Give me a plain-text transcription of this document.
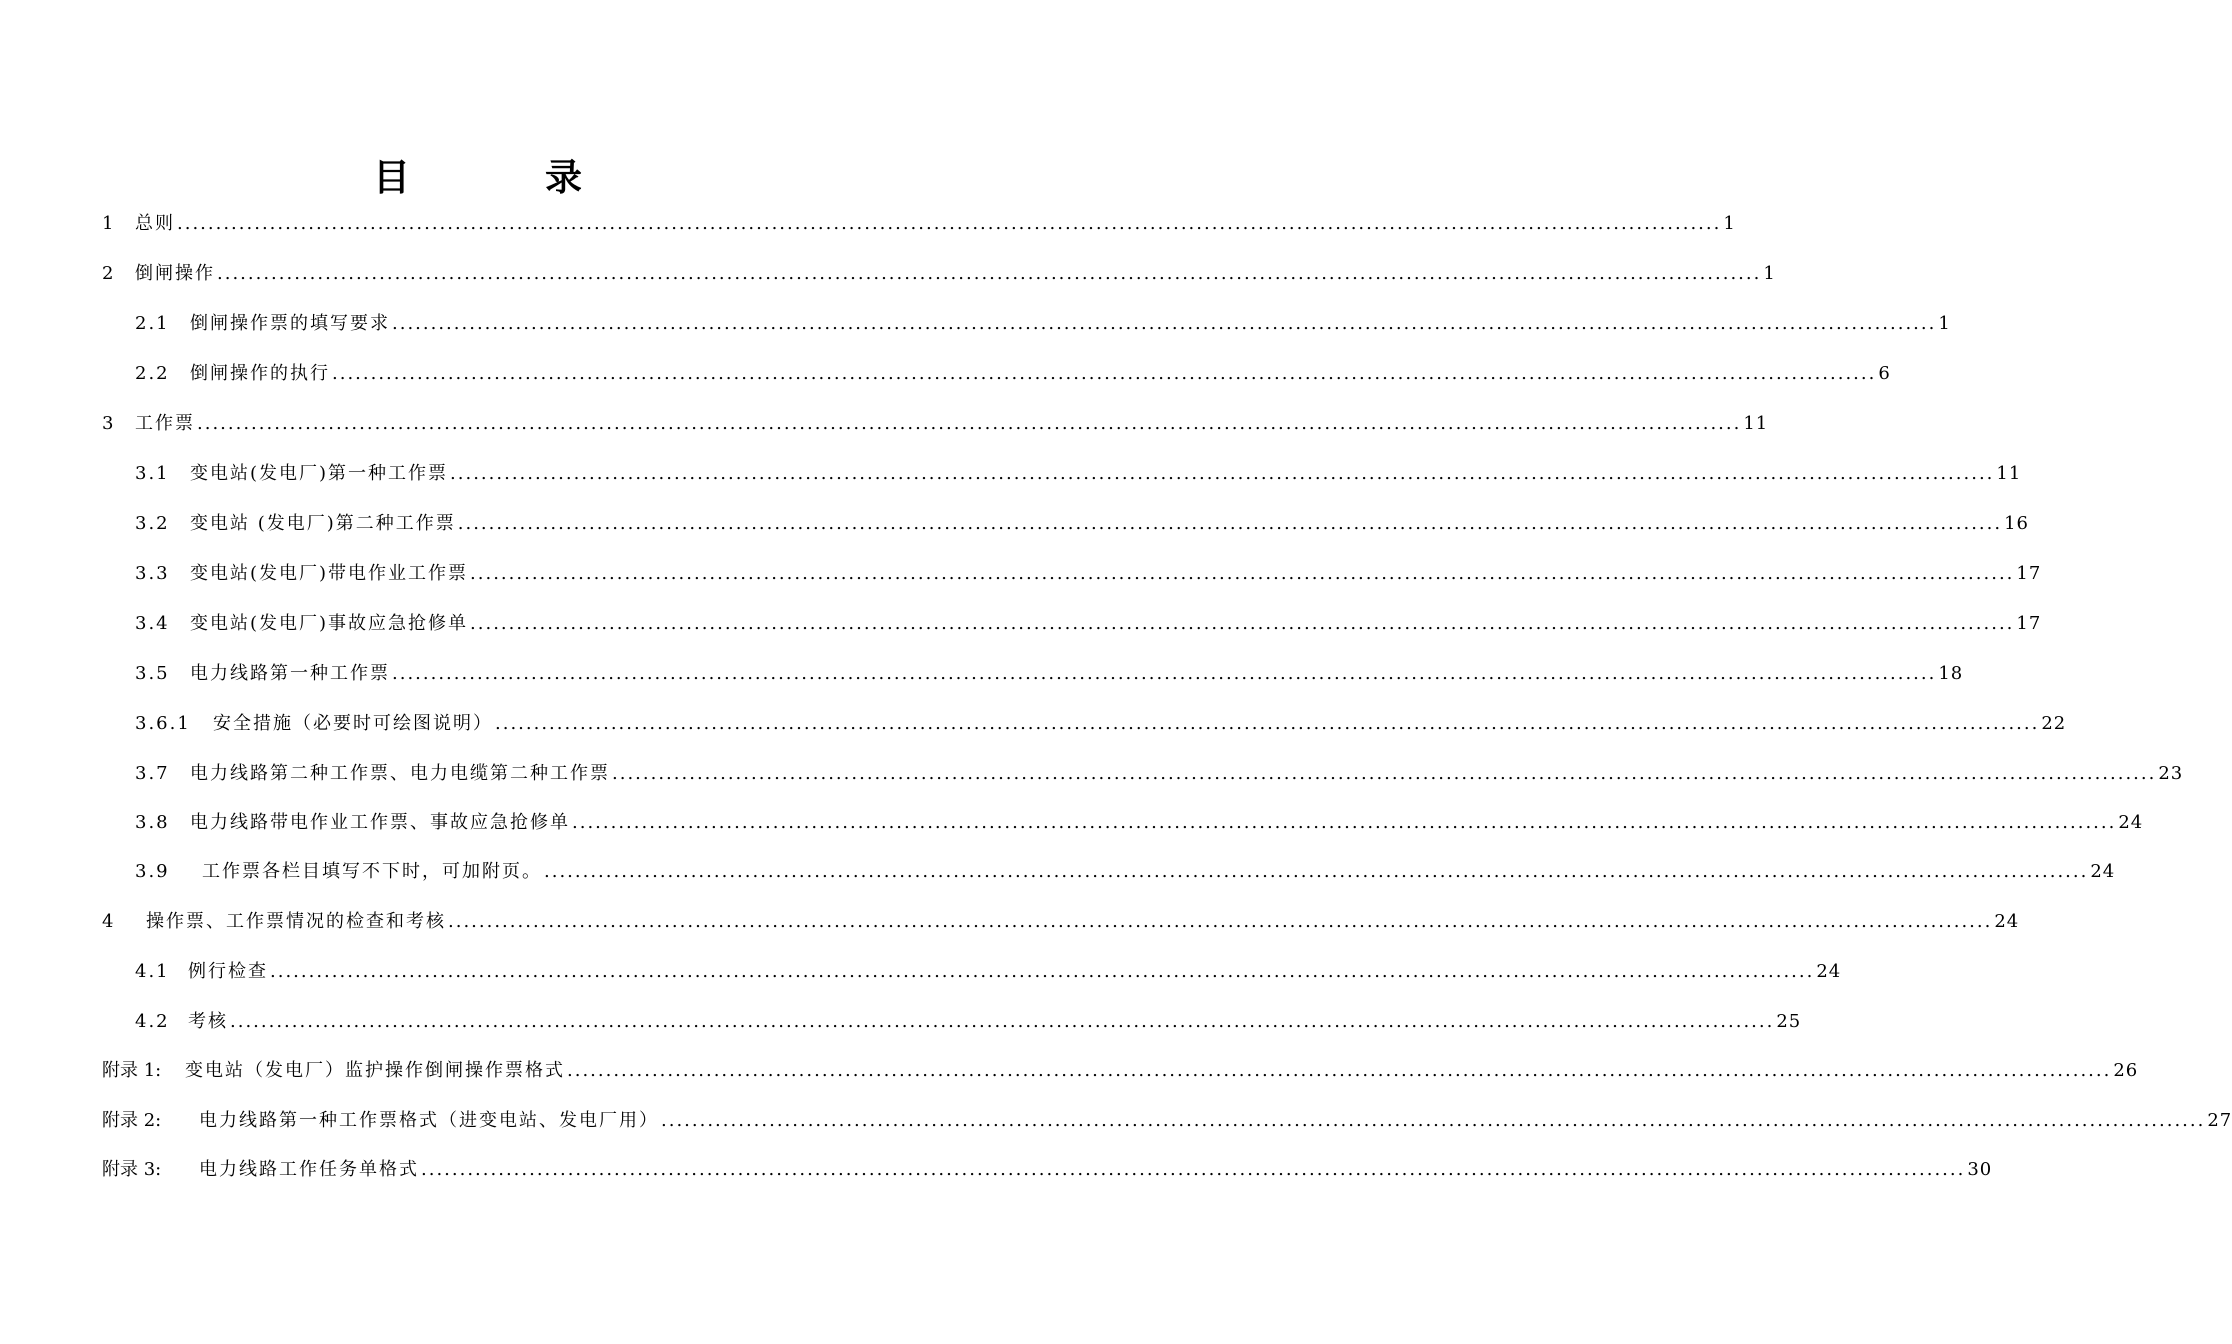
目	录
1	总则 ........................................................................................................................................................................................................ 1
2	倒闸操作 ........................................................................................................................................................................................................ 1
2.1	倒闸操作票的填写要求 ........................................................................................................................................................................................................ 1
2.2	倒闸操作的执行 ........................................................................................................................................................................................................ 6
3	工作票 ........................................................................................................................................................................................................ 11
3.1	变电站(发电厂)第一种工作票 ........................................................................................................................................................................................................ 11
3.2	变电站 (发电厂)第二种工作票 ........................................................................................................................................................................................................ 16
3.3	变电站(发电厂)带电作业工作票 ........................................................................................................................................................................................................ 17
3.4	变电站(发电厂)事故应急抢修单 ........................................................................................................................................................................................................ 17
3.5	电力线路第一种工作票 ........................................................................................................................................................................................................ 18
3.6.1	安全措施（必要时可绘图说明） ........................................................................................................................................................................................................ 22
3.7	电力线路第二种工作票、电力电缆第二种工作票 ........................................................................................................................................................................................................ 23
3.8	电力线路带电作业工作票、事故应急抢修单 ........................................................................................................................................................................................................ 24
3.9	工作票各栏目填写不下时，可加附页。 ........................................................................................................................................................................................................ 24
4	操作票、工作票情况的检查和考核 ........................................................................................................................................................................................................ 24
4.1	例行检查 ........................................................................................................................................................................................................ 24
4.2	考核 ........................................................................................................................................................................................................ 25
附录 1:	变电站（发电厂）监护操作倒闸操作票格式 ........................................................................................................................................................................................................ 26
附录 2:	电力线路第一种工作票格式（进变电站、发电厂用） ........................................................................................................................................................................................................ 27
附录 3:	电力线路工作任务单格式 ........................................................................................................................................................................................................ 30
